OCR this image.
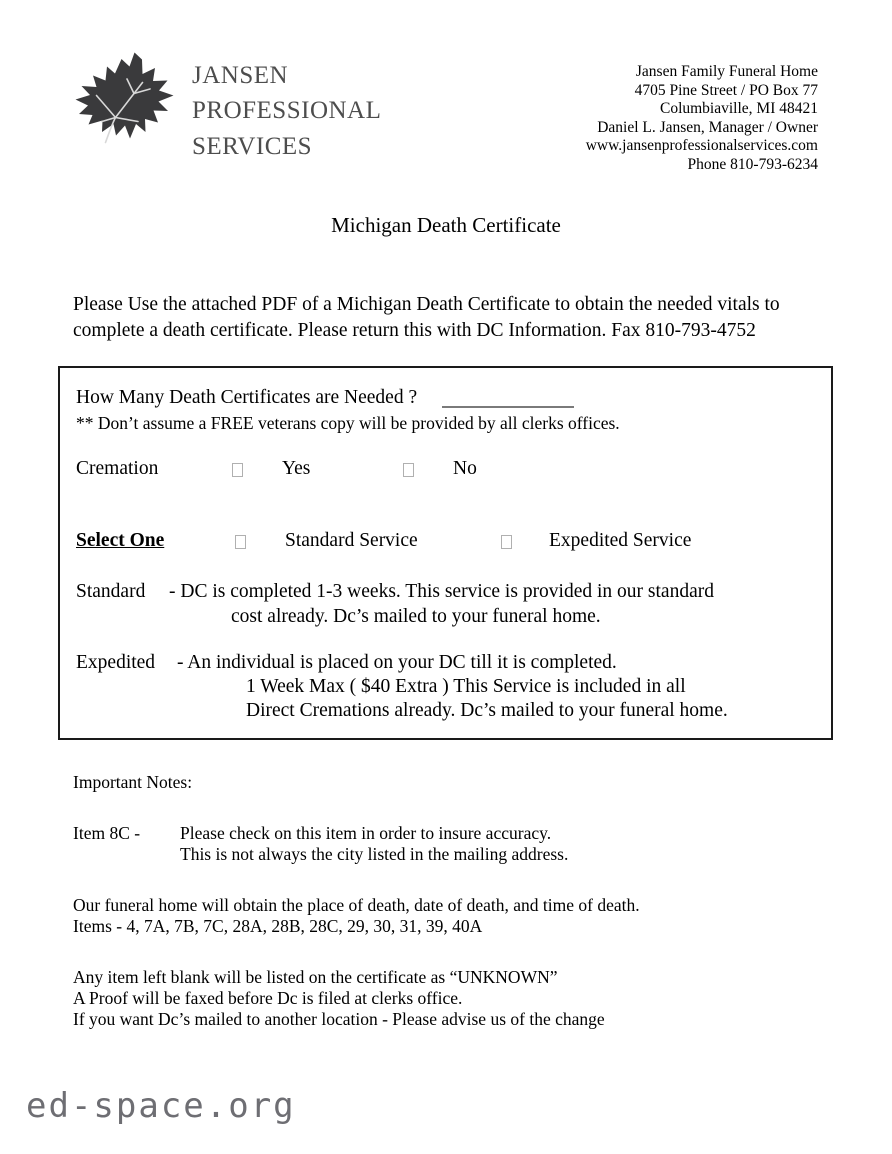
jansen
professional
services
Jansen Family Funeral Home
4705 Pine Street / PO Box 77
Columbiaville, MI 48421
Daniel L. Jansen, Manager / Owner
www.jansenprofessionalservices.com
Phone 810-793-6234
Michigan Death Certificate
Please Use the attached PDF of a Michigan Death Certificate to obtain the needed vitals to complete a death certificate. Please return this with DC Information. Fax 810-793-4752
How Many Death Certificates are Needed ?
** Don’t assume a FREE veterans copy will be provided by all clerks offices.
Cremation	Yes	No
Select One	Standard Service	Expedited Service
Standard - DC is completed 1-3 weeks. This service is provided in our standard
cost already. Dc’s mailed to your funeral home.
Expedited - An individual is placed on your DC till it is completed.
1 Week Max ( $40 Extra ) This Service is included in all
Direct Cremations already. Dc’s mailed to your funeral home.
Important Notes:
Item 8C - Please check on this item in order to insure accuracy.
This is not always the city listed in the mailing address.
Our funeral home will obtain the place of death, date of death, and time of death.
Items - 4, 7A, 7B, 7C, 28A, 28B, 28C, 29, 30, 31, 39, 40A
Any item left blank will be listed on the certificate as “UNKNOWN”
A Proof will be faxed before Dc is filed at clerks office.
If you want Dc’s mailed to another location - Please advise us of the change
ed-space.org
